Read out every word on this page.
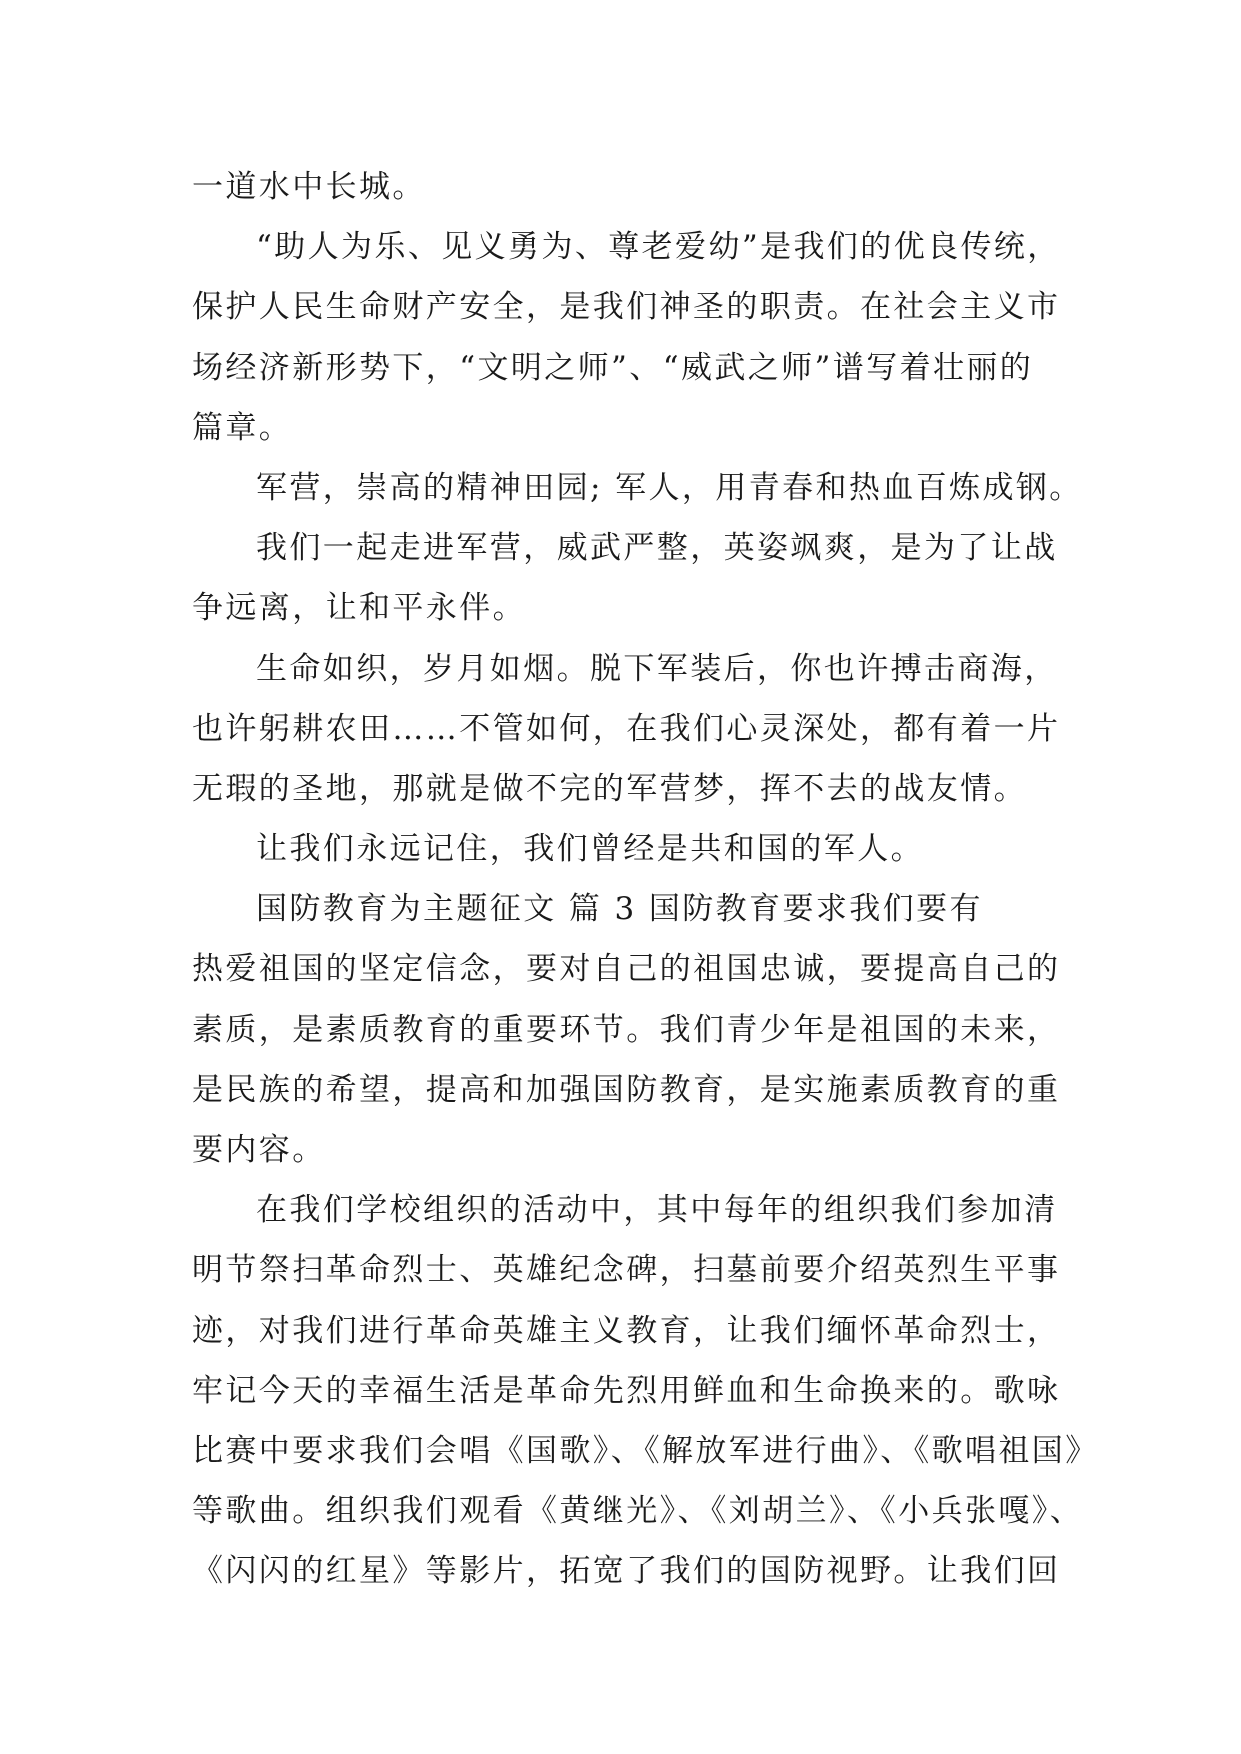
一道水中长城。
“助人为乐、见义勇为、尊老爱幼”是我们的优良传统，
保护人民生命财产安全，是我们神圣的职责。在社会主义市
场经济新形势下，“文明之师”、“威武之师”谱写着壮丽的
篇章。
军营，崇高的精神田园; 军人，用青春和热血百炼成钢。
我们一起走进军营，威武严整，英姿飒爽，是为了让战
争远离，让和平永伴。
生命如织，岁月如烟。脱下军装后，你也许搏击商海，
也许躬耕农田……不管如何，在我们心灵深处，都有着一片
无瑕的圣地，那就是做不完的军营梦，挥不去的战友情。
让我们永远记住，我们曾经是共和国的军人。
国防教育为主题征文 篇 3 国防教育要求我们要有
热爱祖国的坚定信念，要对自己的祖国忠诚，要提高自己的
素质，是素质教育的重要环节。我们青少年是祖国的未来，
是民族的希望，提高和加强国防教育，是实施素质教育的重
要内容。
在我们学校组织的活动中，其中每年的组织我们参加清
明节祭扫革命烈士、英雄纪念碑，扫墓前要介绍英烈生平事
迹，对我们进行革命英雄主义教育，让我们缅怀革命烈士，
牢记今天的幸福生活是革命先烈用鲜血和生命换来的。歌咏
比赛中要求我们会唱《国歌》、《解放军进行曲》、《歌唱祖国》
等歌曲。组织我们观看《黄继光》、《刘胡兰》、《小兵张嘎》、
《闪闪的红星》等影片，拓宽了我们的国防视野。让我们回
